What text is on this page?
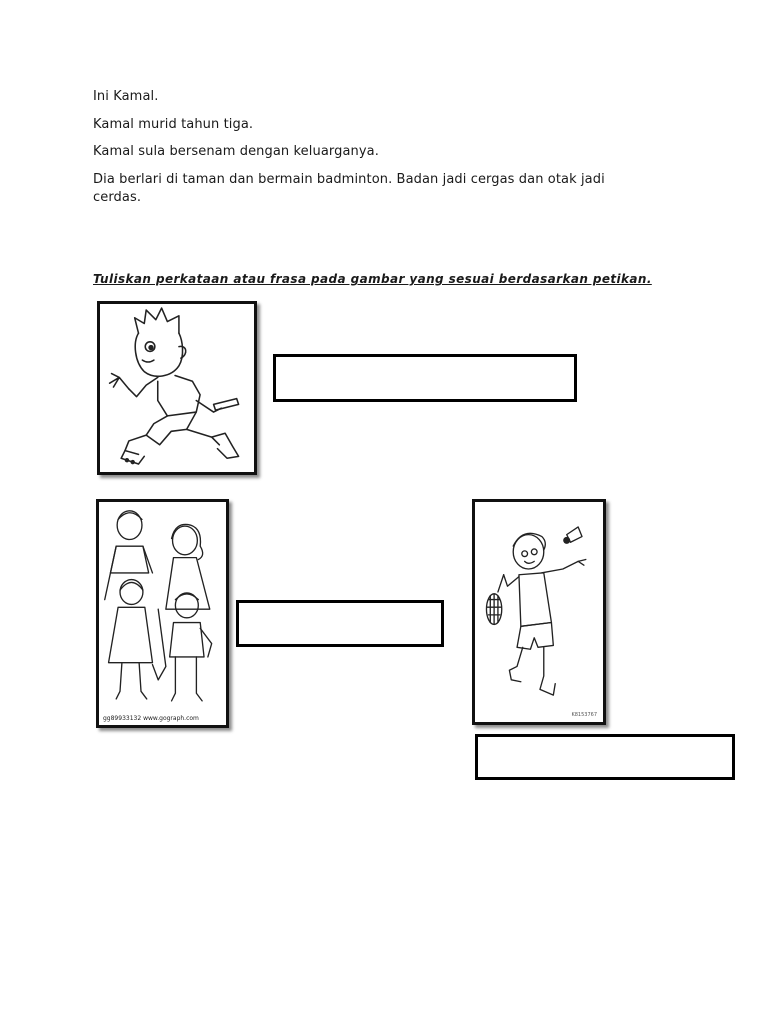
Ini Kamal.

Kamal murid tahun tiga.

Kamal sula bersenam dengan keluarganya.

Dia berlari di taman dan bermain badminton. Badan jadi cergas dan otak jadi

cerdas.

Tuliskan perkataan atau frasa pada gambar yang sesuai berdasarkan petikan.

gg89933132 www.gograph.com	K8153767
